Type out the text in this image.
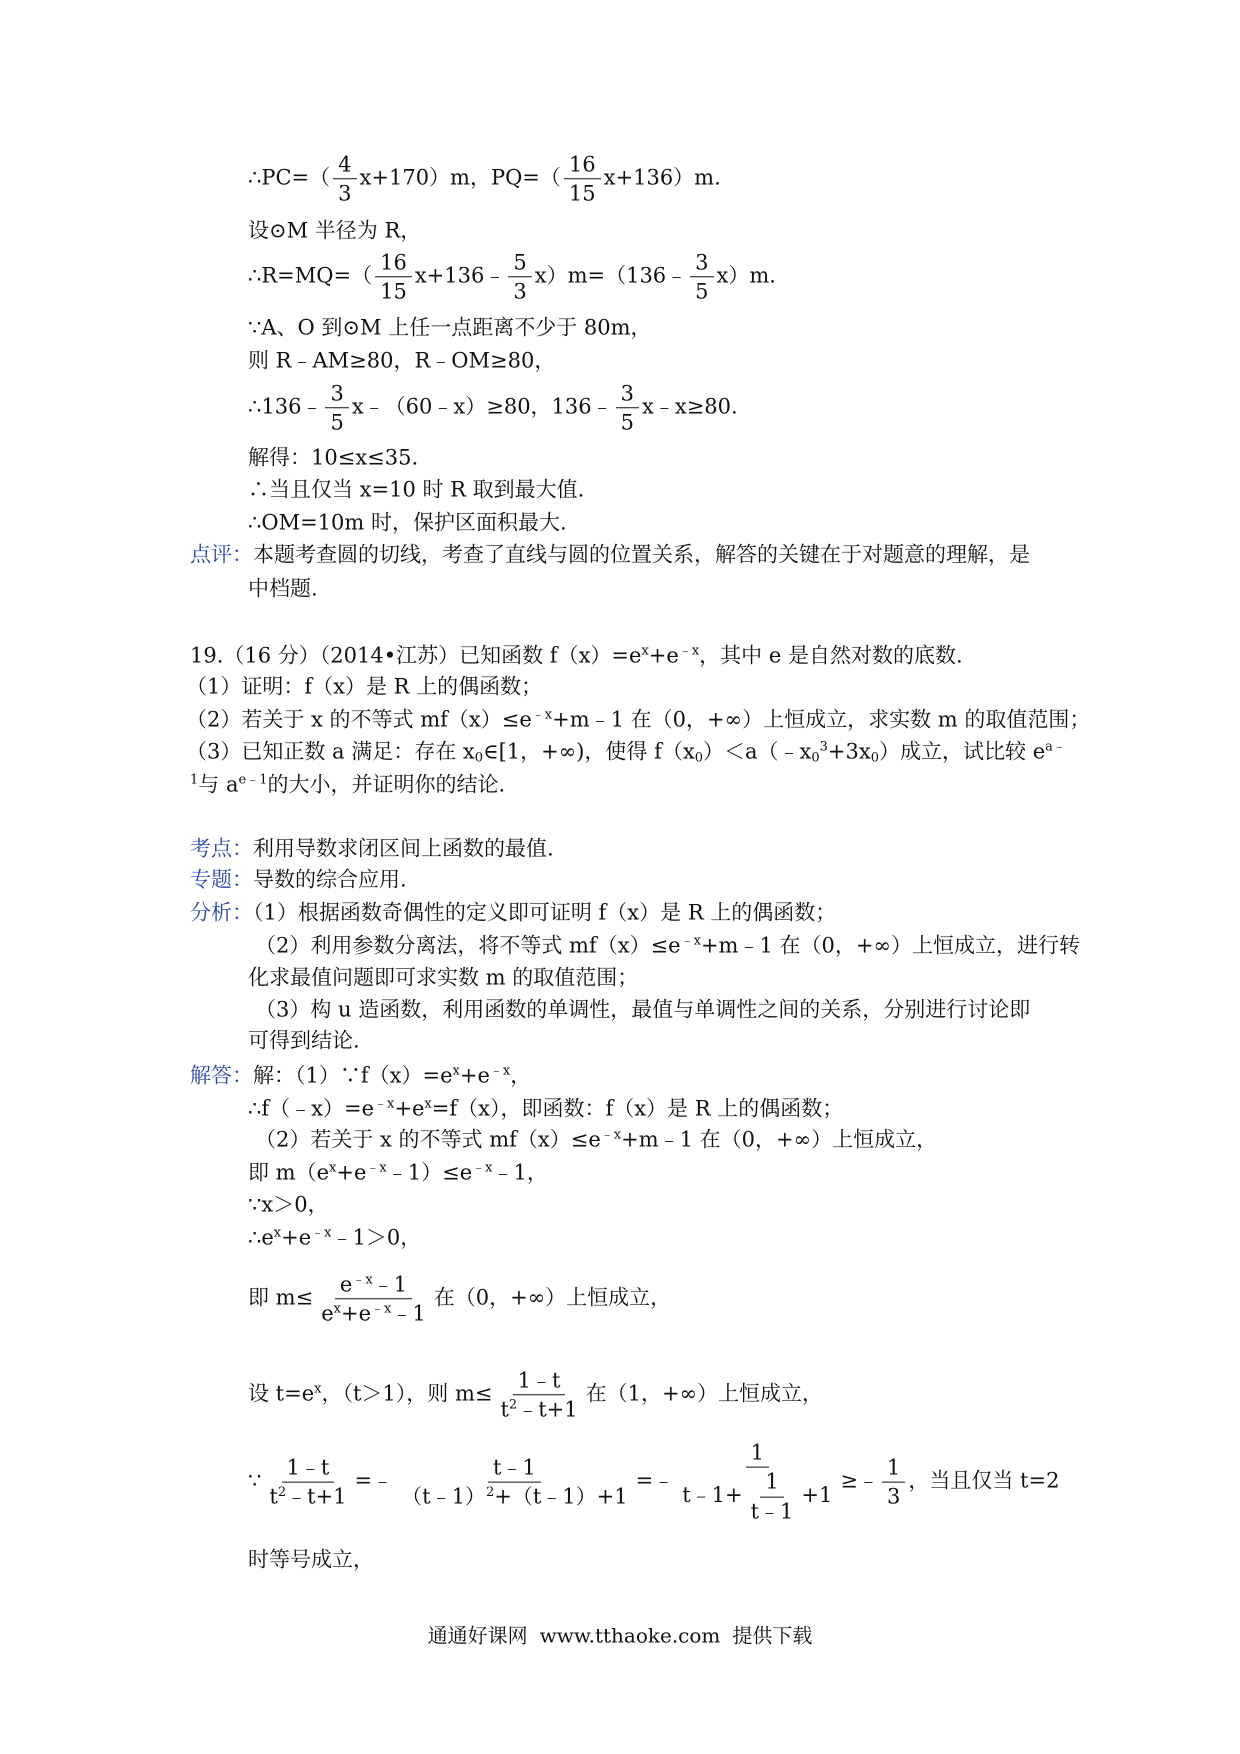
∴PC=（ $\frac{4}{3} x+170)m$，$PQ=( \frac{16}{15} x+136)m$.
设⊙M 半径为 R，
∴R=MQ=（ $\frac{16}{15}$ x+136﹣ $\frac{5}{3}$ x）m=（136﹣ $\frac{3}{5} x)m$.
∵A、O 到⊙M 上任一点距离不少于 80m，
则 R﹣AM≥80，R﹣OM≥80，
∴136﹣ $\frac{3}{5}$ x﹣（60﹣x）≥80，136﹣ $\frac{3}{5}$ x﹣x≥80.
解得：10≤x≤35.
∴当且仅当 x=10 时 R 取到最大值.
∴OM=10m 时，保护区面积最大.
点评：本题考查圆的切线，考查了直线与圆的位置关系，解答的关键在于对题意的理解，是
中档题.
19.（16 分）（2014•江苏）已知函数 $f(x)=e^x+e^{﹣x}$，其中 e 是自然对数的底数.
（1）证明：f（x）是 R 上的偶函数；
（2）若关于 x 的不等式 $mf(x)\le e^{﹣x}+m﹣1$ 在（0，+∞）上恒成立，求实数 m 的取值范围；
（3）已知正数 a 满足：存在 $x_0\in[1$，+∞)，使得 $f(x_0)<a(﹣x_0^3+3x_0)$成立，试比较 $e^{a﹣}$
$^1$与 $a^{e﹣1}$的大小，并证明你的结论.
考点：利用导数求闭区间上函数的最值.
专题：导数的综合应用.
分析：（1）根据函数奇偶性的定义即可证明 f（x）是 R 上的偶函数；
（2）利用参数分离法，将不等式 $mf(x)\le e^{﹣x}+m﹣1$ 在（0，+∞）上恒成立，进行转
化求最值问题即可求实数 m 的取值范围；
（3）构 u 造函数，利用函数的单调性，最值与单调性之间的关系，分别进行讨论即
可得到结论.
解答：解：$(1)\because f(x)=e^x+e^{﹣x}$，
$\therefore f(﹣x)=e^{﹣x}+e^x=f(x)$，即函数：f（x）是 R 上的偶函数；
（2）若关于 x 的不等式 $mf(x)\le e^{﹣x}+m﹣1$ 在（0，+∞）上恒成立，
即 $m(e^x+e^{﹣x}﹣1)\le e^{﹣x}﹣1$，
∵x＞0，
$\therefore e^x+e^{﹣x}﹣1>0$，
即 $m\le \frac{e^{﹣x}﹣1}{e^x+e^{﹣x}﹣1}$ 在（0，+∞）上恒成立，
设 $t=e^x$，（t＞1），则 $m\le \frac{1﹣t}{t^2﹣t+1}$ 在（1，+∞）上恒成立，
∵ $\frac{1﹣t}{t^2﹣t+1}$ =﹣ $\frac{t﹣1}{(t﹣1)^2+(t﹣1)+1}$ =﹣ $\frac{1}{t﹣1+ \frac{1}{t﹣1} +1}$ ≥﹣ $\frac{1}{3}$ ，当且仅当 t=2
时等号成立，
通通好课网 www.tthaoke.com 提供下载
